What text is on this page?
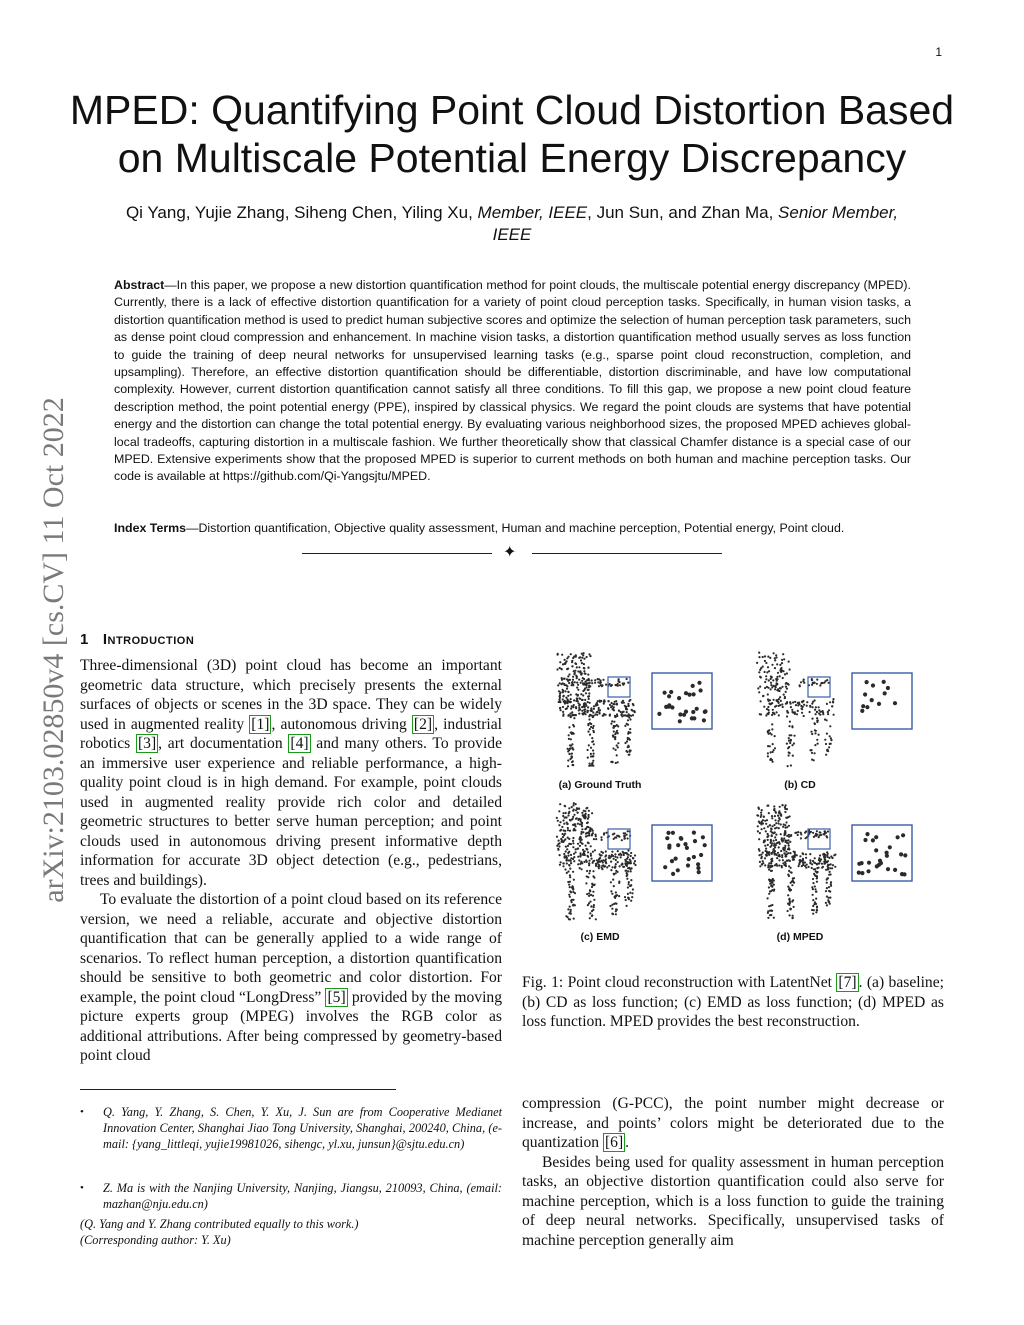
1
MPED: Quantifying Point Cloud Distortion Based on Multiscale Potential Energy Discrepancy
Qi Yang, Yujie Zhang, Siheng Chen, Yiling Xu, Member, IEEE, Jun Sun, and Zhan Ma, Senior Member, IEEE
Abstract—In this paper, we propose a new distortion quantification method for point clouds, the multiscale potential energy discrepancy (MPED). Currently, there is a lack of effective distortion quantification for a variety of point cloud perception tasks. Specifically, in human vision tasks, a distortion quantification method is used to predict human subjective scores and optimize the selection of human perception task parameters, such as dense point cloud compression and enhancement. In machine vision tasks, a distortion quantification method usually serves as loss function to guide the training of deep neural networks for unsupervised learning tasks (e.g., sparse point cloud reconstruction, completion, and upsampling). Therefore, an effective distortion quantification should be differentiable, distortion discriminable, and have low computational complexity. However, current distortion quantification cannot satisfy all three conditions. To fill this gap, we propose a new point cloud feature description method, the point potential energy (PPE), inspired by classical physics. We regard the point clouds are systems that have potential energy and the distortion can change the total potential energy. By evaluating various neighborhood sizes, the proposed MPED achieves global-local tradeoffs, capturing distortion in a multiscale fashion. We further theoretically show that classical Chamfer distance is a special case of our MPED. Extensive experiments show that the proposed MPED is superior to current methods on both human and machine perception tasks. Our code is available at https://github.com/Qi-Yangsjtu/MPED.
Index Terms—Distortion quantification, Objective quality assessment, Human and machine perception, Potential energy, Point cloud.
✦
arXiv:2103.02850v4 [cs.CV] 11 Oct 2022 1 Introduction

Three-dimensional (3D) point cloud has become an important geometric data structure, which precisely presents the external surfaces of objects or scenes in the 3D space. They can be widely used in augmented reality [1] , autonomous driving [2] , industrial robotics [3] , art documentation [4] and many others. To provide an immersive user experience and reliable performance, a high-quality point cloud is in high demand. For example, point clouds used in augmented reality provide rich color and detailed geometric structures to better serve human perception; and point clouds used in autonomous driving present informative depth information for accurate 3D object detection (e.g., pedestrians, trees and buildings).

To evaluate the distortion of a point cloud based on its reference version, we need a reliable, accurate and objective distortion quantification that can be generally applied to a wide range of scenarios. To reflect human perception, a distortion quantification should be sensitive to both geometric and color distortion. For example, the point cloud “LongDress” [5] provided by the moving picture experts group (MPEG) involves the RGB color as additional attributions. After being compressed by geometry-based point cloud

• Q. Yang, Y. Zhang, S. Chen, Y. Xu, J. Sun are from Cooperative Medianet Innovation Center, Shanghai Jiao Tong University, Shanghai, 200240, China, (e-mail: {yang_littleqi, yujie19981026, sihengc, yl.xu, junsun}@sjtu.edu.cn)
• Z. Ma is with the Nanjing University, Nanjing, Jiangsu, 210093, China, (email: mazhan@nju.edu.cn)
(Q. Yang and Y. Zhang contributed equally to this work.)
(Corresponding author: Y. Xu)
(a) Ground Truth	(b) CD
(c) EMD	(d) MPED
Fig. 1: Point cloud reconstruction with LatentNet [7] . (a) baseline; (b) CD as loss function; (c) EMD as loss function; (d) MPED as loss function. MPED provides the best reconstruction.

compression (G-PCC), the point number might decrease or increase, and points’ colors might be deteriorated due to the quantization [6] .

Besides being used for quality assessment in human perception tasks, an objective distortion quantification could also serve for machine perception, which is a loss function to guide the training of deep neural networks. Specifically, unsupervised tasks of machine perception generally aim
